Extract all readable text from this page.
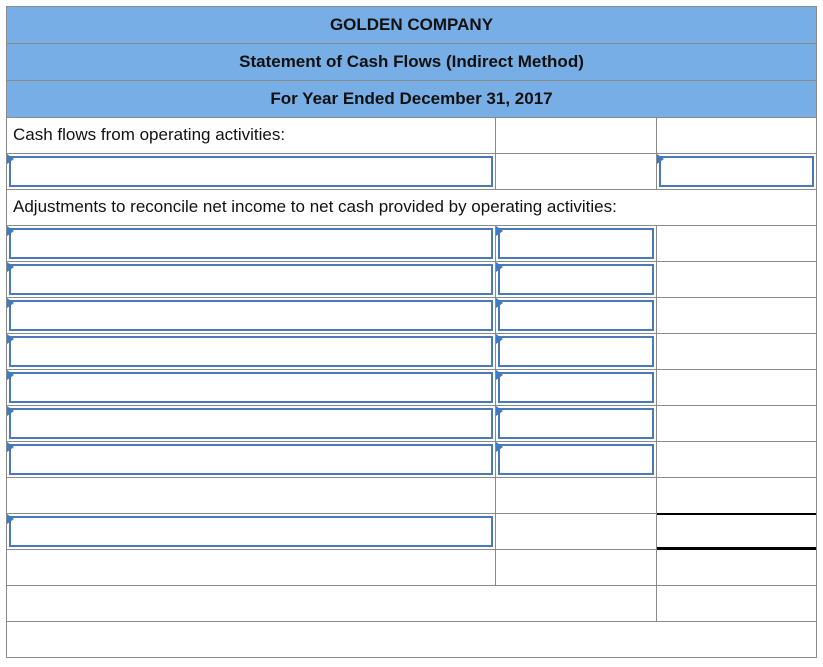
GOLDEN COMPANY
Statement of Cash Flows (Indirect Method)
For Year Ended December 31, 2017
Cash flows from operating activities:
Adjustments to reconcile net income to net cash provided by operating activities:
